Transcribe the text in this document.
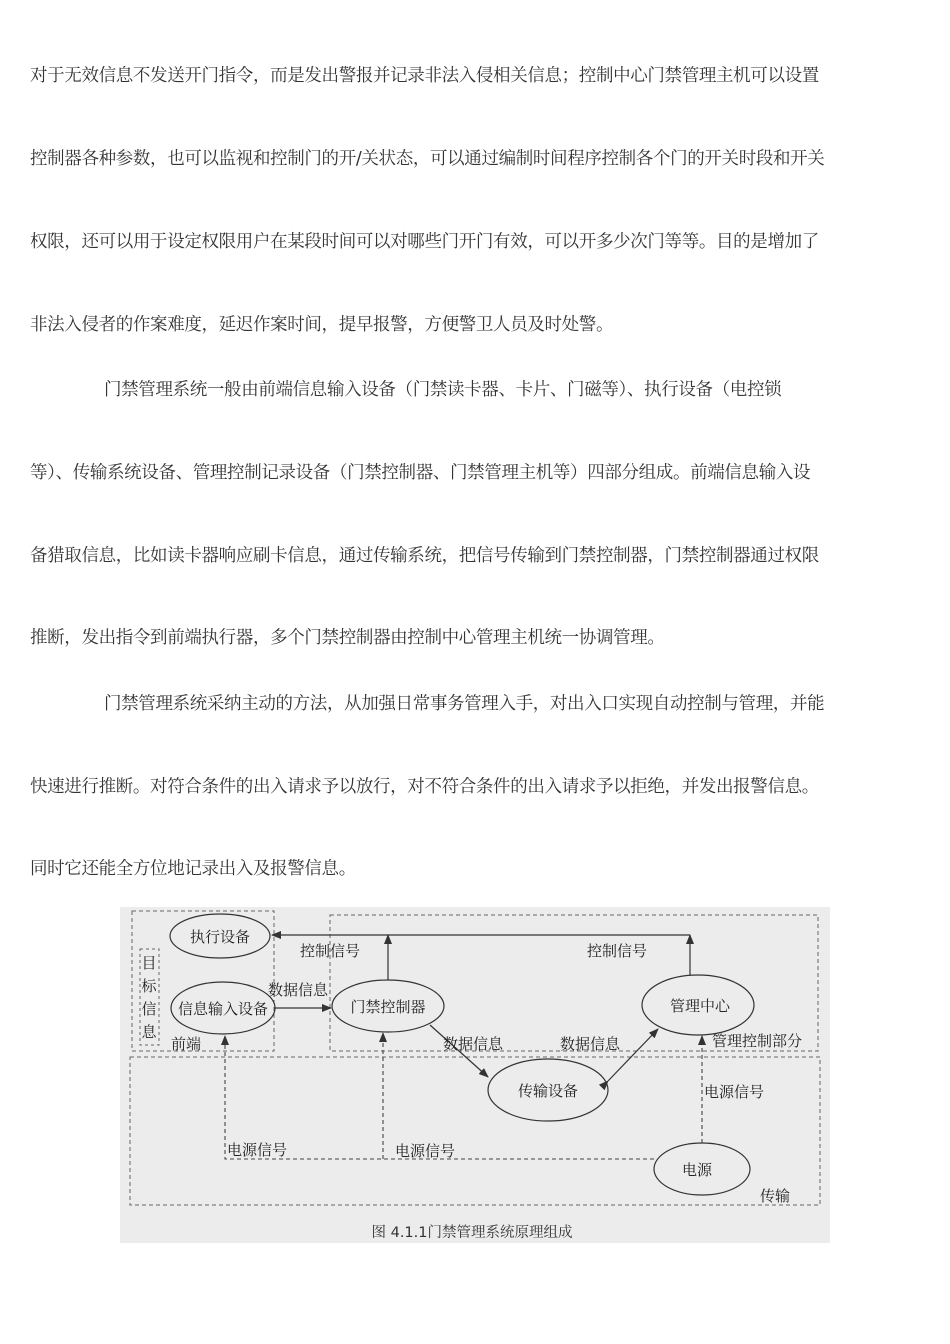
对于无效信息不发送开门指令，而是发出警报并记录非法入侵相关信息；控制中心门禁管理主机可以设置

控制器各种参数，也可以监视和控制门的开/关状态，可以通过编制时间程序控制各个门的开关时段和开关

权限，还可以用于设定权限用户在某段时间可以对哪些门开门有效，可以开多少次门等等。目的是增加了

非法入侵者的作案难度，延迟作案时间，提早报警，方便警卫人员及时处警。

门禁管理系统一般由前端信息输入设备（门禁读卡器、卡片、门磁等）、执行设备（电控锁

等）、传输系统设备、管理控制记录设备（门禁控制器、门禁管理主机等）四部分组成。前端信息输入设

备猎取信息，比如读卡器响应刷卡信息，通过传输系统，把信号传输到门禁控制器，门禁控制器通过权限

推断，发出指令到前端执行器，多个门禁控制器由控制中心管理主机统一协调管理。

门禁管理系统采纳主动的方法，从加强日常事务管理入手，对出入口实现自动控制与管理，并能

快速进行推断。对符合条件的出入请求予以放行，对不符合条件的出入请求予以拒绝，并发出报警信息。

同时它还能全方位地记录出入及报警信息。

执行设备
信息输入设备	门禁控制器	管理中心
传输设备
电源
目
标
信
息
前端	管理控制部分
传输
控制信号	控制信号
数据信息
数据信息	数据信息
电源信号	电源信号
电源信号
图 4.1.1门禁管理系统原理组成
